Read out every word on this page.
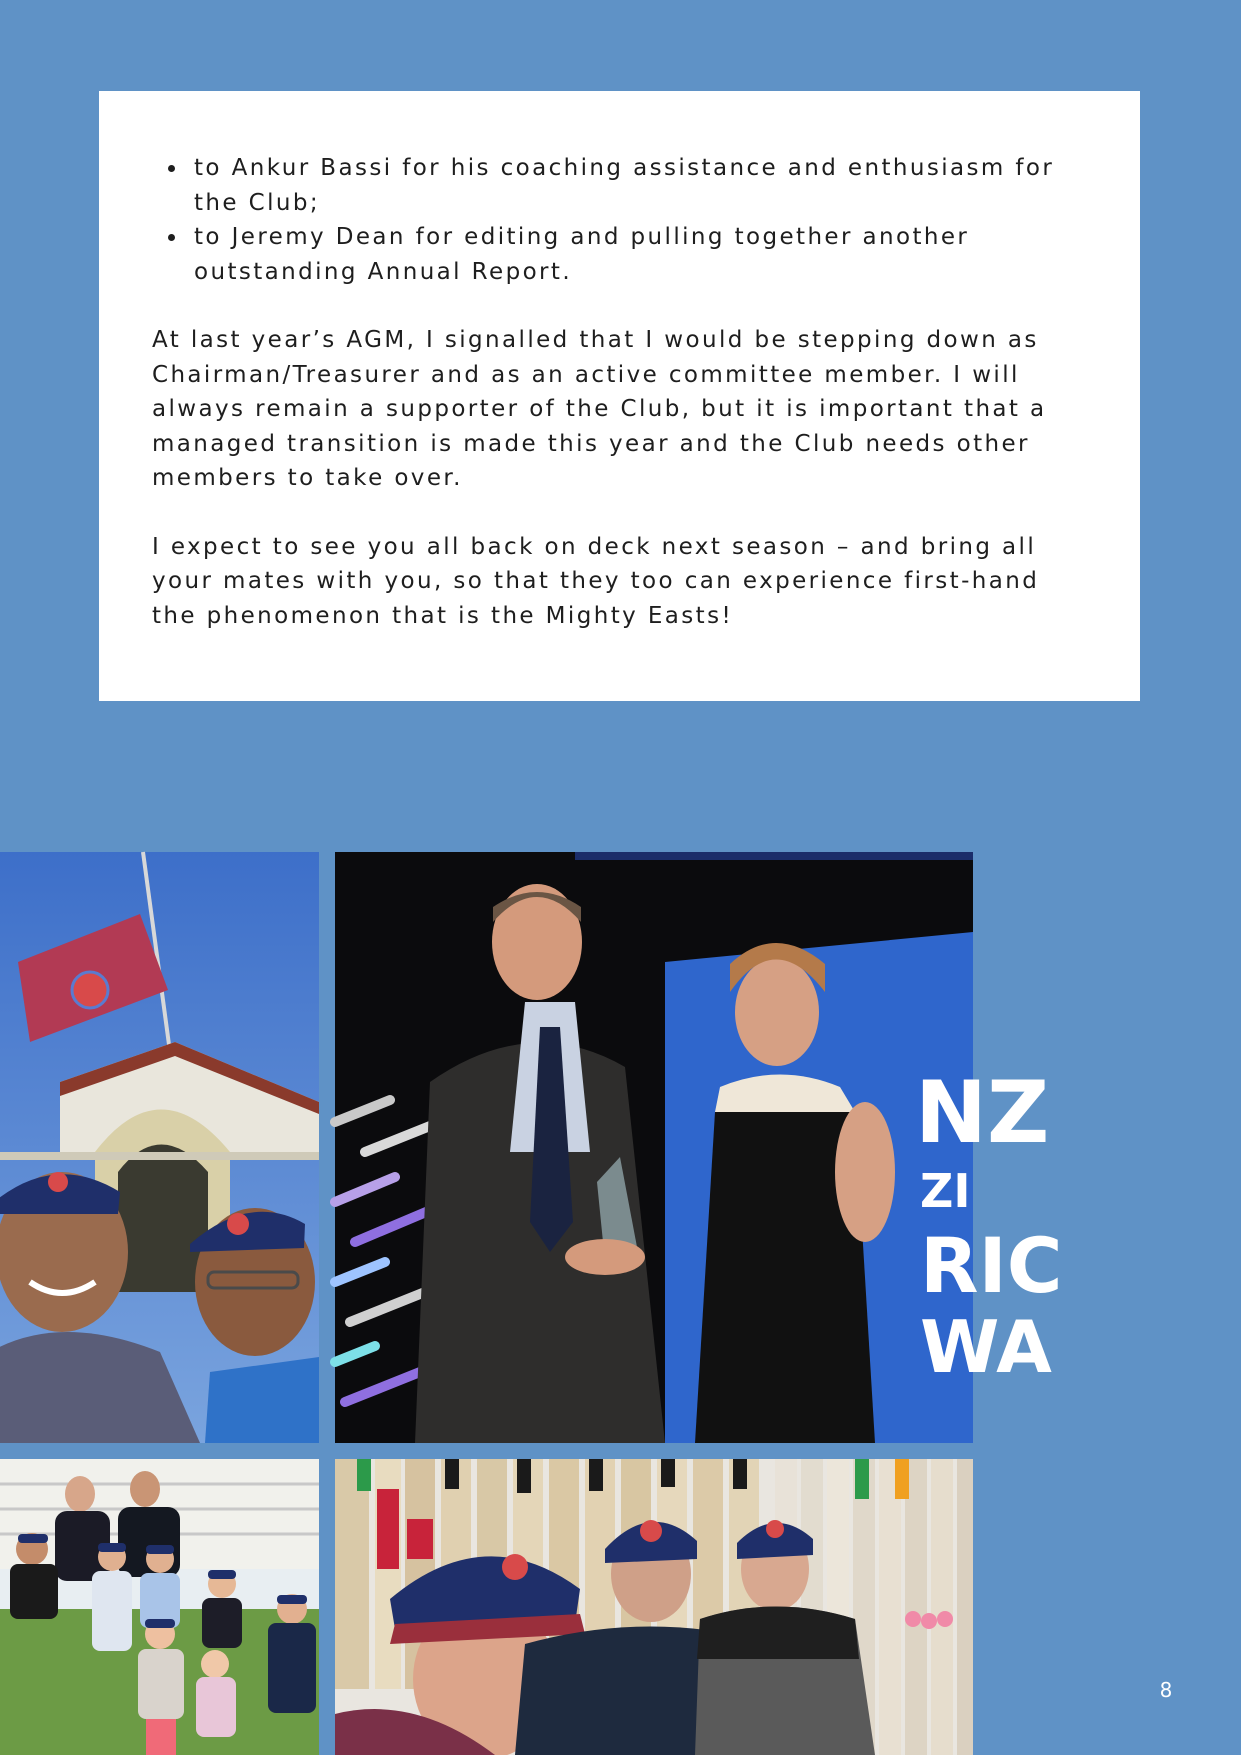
to Ankur Bassi for his coaching assistance and enthusiasm for the Club;
to Jeremy Dean for editing and pulling together another outstanding Annual Report.

At last year’s AGM, I signalled that I would be stepping down as Chairman/Treasurer and as an active committee member. I will always remain a supporter of the Club, but it is important that a managed transition is made this year and the Club needs other members to take over.

I expect to see you all back on deck next season – and bring all your mates with you, so that they too can experience first-hand the phenomenon that is the Mighty Easts!

NZ
ZI
RIC
WA
8
